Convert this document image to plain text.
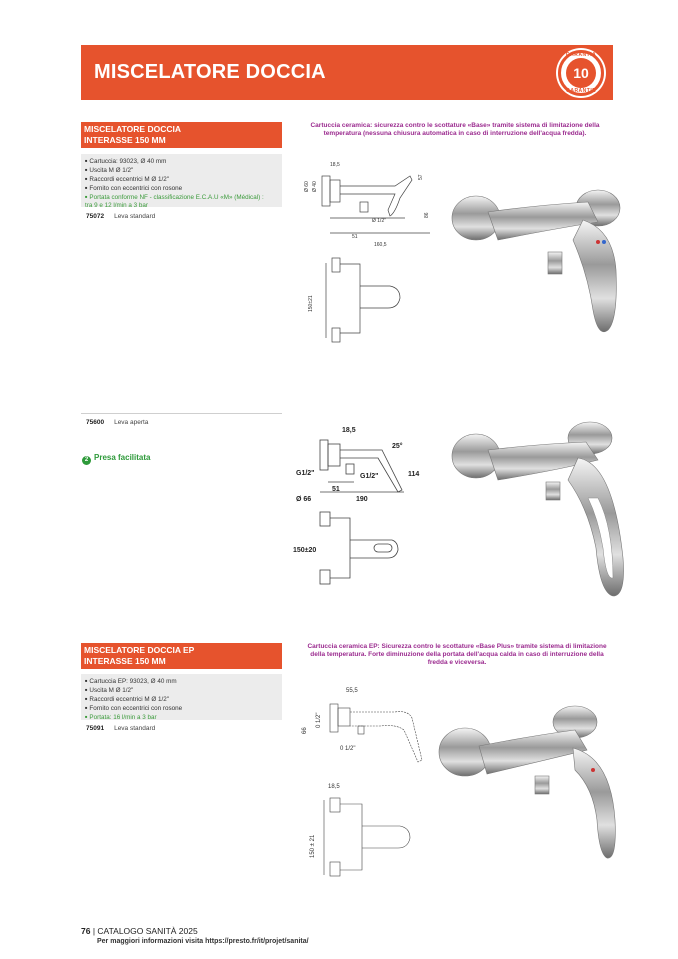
MISCELATORE DOCCIA
GARANTIA
10
GARANTIE
MISCELATORE DOCCIA
INTERASSE 150 MM
■ Cartuccia: 93023, Ø 40 mm
■ Uscita M Ø 1/2"
■ Raccordi eccentrici M Ø 1/2"
■ Fornito con eccentrici con rosone
■ Portata conforme NF - classificazione E.C.A.U «M» (Médical) :
tra 9 e 12 l/min a 3 bar
75072 Leva standard
Cartuccia ceramica: sicurezza contro le scottature «Base» tramite sistema di limitazione della temperatura (nessuna chiusura automatica in caso di interruzione dell'acqua fredda).
18,5
Ø 60 Ø 40
57
86
Ø 1/2"
51
160,5
150±21
75600 Leva aperta
2 Presa facilitata
18,5
25°
G1/2"	G1/2"	114
51
190
Ø 66
150±20
MISCELATORE DOCCIA EP
INTERASSE 150 MM
■ Cartuccia EP: 93023, Ø 40 mm
■ Uscita M Ø 1/2"
■ Raccordi eccentrici M Ø 1/2"
■ Fornito con eccentrici con rosone
■ Portata: 16 l/min a 3 bar
75091 Leva standard
Cartuccia ceramica EP: Sicurezza contro le scottature «Base Plus» tramite sistema di limitazione della temperatura. Forte diminuzione della portata dell'acqua calda in caso di interruzione della fredda e viceversa.
55,5
66
0 1/2"
0 1/2"
18,5
150 ± 21
76 | CATALOGO SANITÀ 2025
Per maggiori informazioni visita https://presto.fr/it/projet/sanita/
